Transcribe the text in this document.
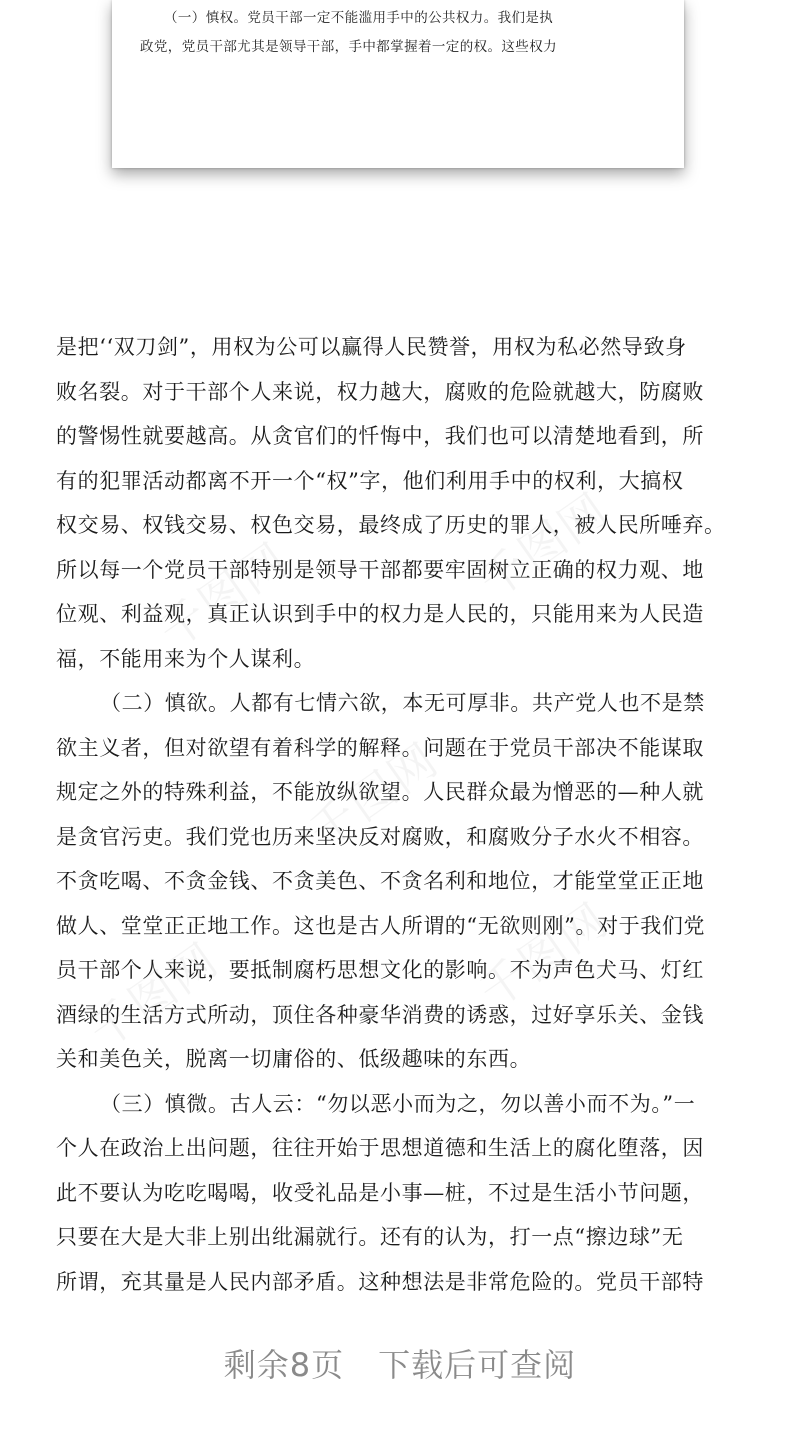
（一）慎权。党员干部一定不能滥用手中的公共权力。我们是执
政党，党员干部尤其是领导干部，手中都掌握着一定的权。这些权力
是把‘‘双刀剑”，用权为公可以赢得人民赞誉，用权为私必然导致身
败名裂。对于干部个人来说，权力越大，腐败的危险就越大，防腐败
的警惕性就要越高。从贪官们的忏悔中，我们也可以清楚地看到，所
有的犯罪活动都离不开一个“权”字，他们利用手中的权利，大搞权
权交易、权钱交易、权色交易，最终成了历史的罪人，被人民所唾弃。
所以每一个党员干部特别是领导干部都要牢固树立正确的权力观、地
位观、利益观，真正认识到手中的权力是人民的，只能用来为人民造
福，不能用来为个人谋利。
（二）慎欲。人都有七情六欲，本无可厚非。共产党人也不是禁
欲主义者，但对欲望有着科学的解释。问题在于党员干部决不能谋取
规定之外的特殊利益，不能放纵欲望。人民群众最为憎恶的—种人就
是贪官污吏。我们党也历来坚决反对腐败，和腐败分子水火不相容。
不贪吃喝、不贪金钱、不贪美色、不贪名利和地位，才能堂堂正正地
做人、堂堂正正地工作。这也是古人所谓的“无欲则刚”。对于我们党
员干部个人来说，要抵制腐朽思想文化的影响。不为声色犬马、灯红
酒绿的生活方式所动，顶住各种豪华消费的诱惑，过好享乐关、金钱
关和美色关，脱离一切庸俗的、低级趣味的东西。
（三）慎微。古人云：“勿以恶小而为之，勿以善小而不为。”一
个人在政治上出问题，往往开始于思想道德和生活上的腐化堕落，因
此不要认为吃吃喝喝，收受礼品是小事—桩，不过是生活小节问题，
只要在大是大非上别出纰漏就行。还有的认为，打一点“擦边球”无
所谓，充其量是人民内部矛盾。这种想法是非常危险的。党员干部特
剩余8页 下载后可查阅
